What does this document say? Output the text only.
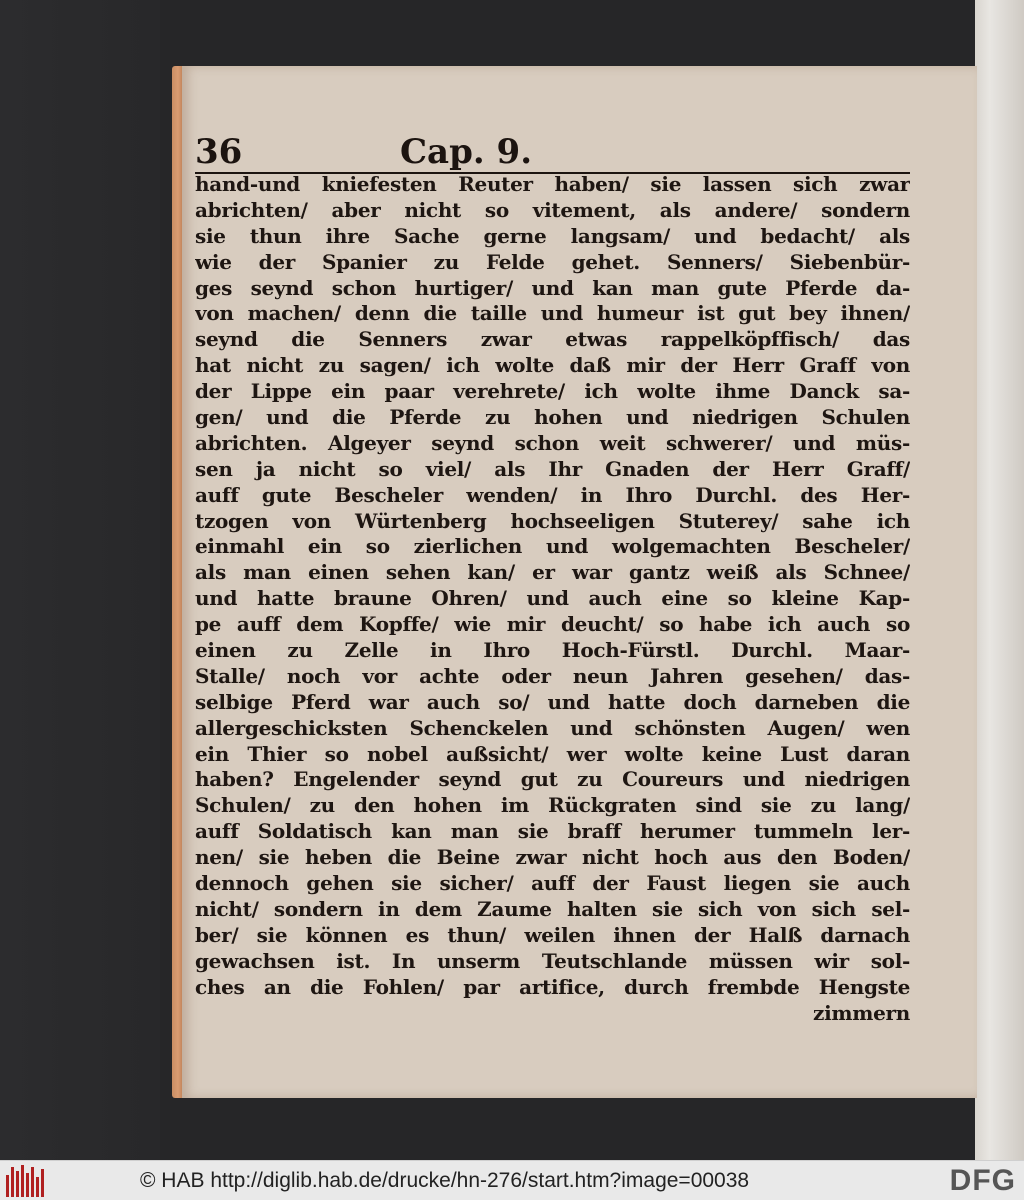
36	Cap. 9.
hand-und kniefesten Reuter haben/ sie lassen sich zwar
abrichten/ aber nicht so vitement, als andere/ sondern
sie thun ihre Sache gerne langsam/ und bedacht/ als
wie der Spanier zu Felde gehet. Senners/ Siebenbür-
ges seynd schon hurtiger/ und kan man gute Pferde da-
von machen/ denn die taille und humeur ist gut bey ihnen/
seynd die Senners zwar etwas rappelköpffisch/ das
hat nicht zu sagen/ ich wolte daß mir der Herr Graff von
der Lippe ein paar verehrete/ ich wolte ihme Danck sa-
gen/ und die Pferde zu hohen und niedrigen Schulen
abrichten. Algeyer seynd schon weit schwerer/ und müs-
sen ja nicht so viel/ als Ihr Gnaden der Herr Graff/
auff gute Bescheler wenden/ in Ihro Durchl. des Her-
tzogen von Würtenberg hochseeligen Stuterey/ sahe ich
einmahl ein so zierlichen und wolgemachten Bescheler/
als man einen sehen kan/ er war gantz weiß als Schnee/
und hatte braune Ohren/ und auch eine so kleine Kap-
pe auff dem Kopffe/ wie mir deucht/ so habe ich auch so
einen zu Zelle in Ihro Hoch-Fürstl. Durchl. Maar-
Stalle/ noch vor achte oder neun Jahren gesehen/ das-
selbige Pferd war auch so/ und hatte doch darneben die
allergeschicksten Schenckelen und schönsten Augen/ wen
ein Thier so nobel außsicht/ wer wolte keine Lust daran
haben? Engelender seynd gut zu Coureurs und niedrigen
Schulen/ zu den hohen im Rückgraten sind sie zu lang/
auff Soldatisch kan man sie braff herumer tummeln ler-
nen/ sie heben die Beine zwar nicht hoch aus den Boden/
dennoch gehen sie sicher/ auff der Faust liegen sie auch
nicht/ sondern in dem Zaume halten sie sich von sich sel-
ber/ sie können es thun/ weilen ihnen der Halß darnach
gewachsen ist. In unserm Teutschlande müssen wir sol-
ches an die Fohlen/ par artifice, durch frembde Hengste
zimmern
© HAB http://diglib.hab.de/drucke/hn-276/start.htm?image=00038	DFG
